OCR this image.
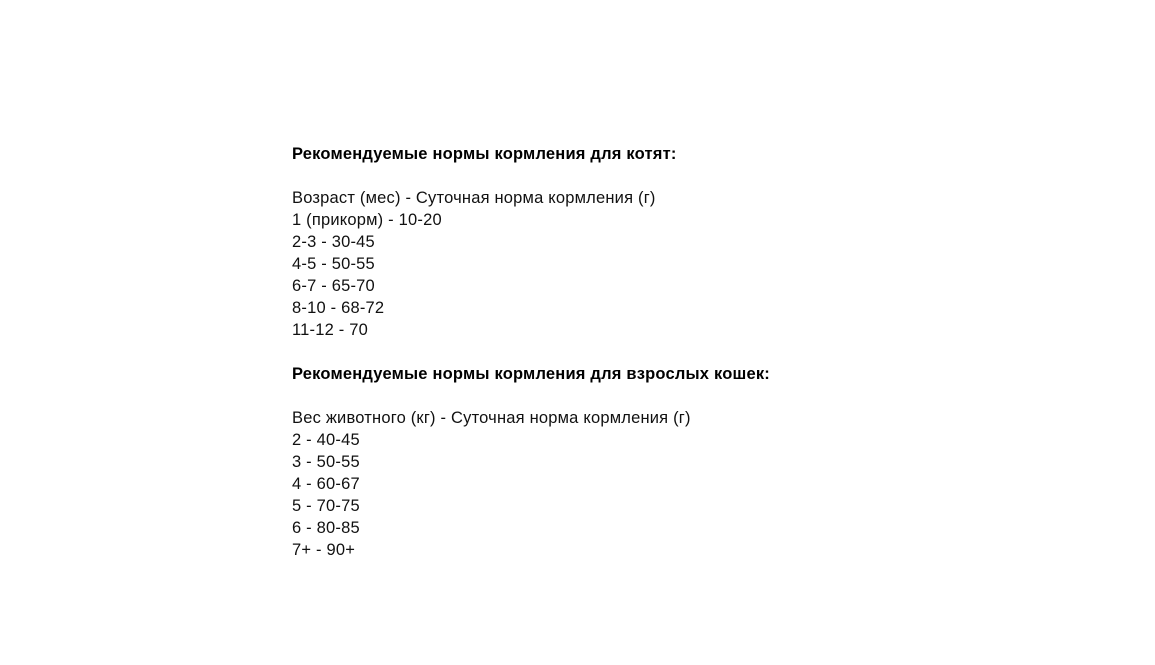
Рекомендуемые нормы кормления для котят:
Возраст (мес) - Суточная норма кормления (г)
1 (прикорм) - 10-20
2-3 - 30-45
4-5 - 50-55
6-7 - 65-70
8-10 - 68-72
11-12 - 70
Рекомендуемые нормы кормления для взрослых кошек:
Вес животного (кг) - Суточная норма кормления (г)
2 - 40-45
3 - 50-55
4 - 60-67
5 - 70-75
6 - 80-85
7+ - 90+
